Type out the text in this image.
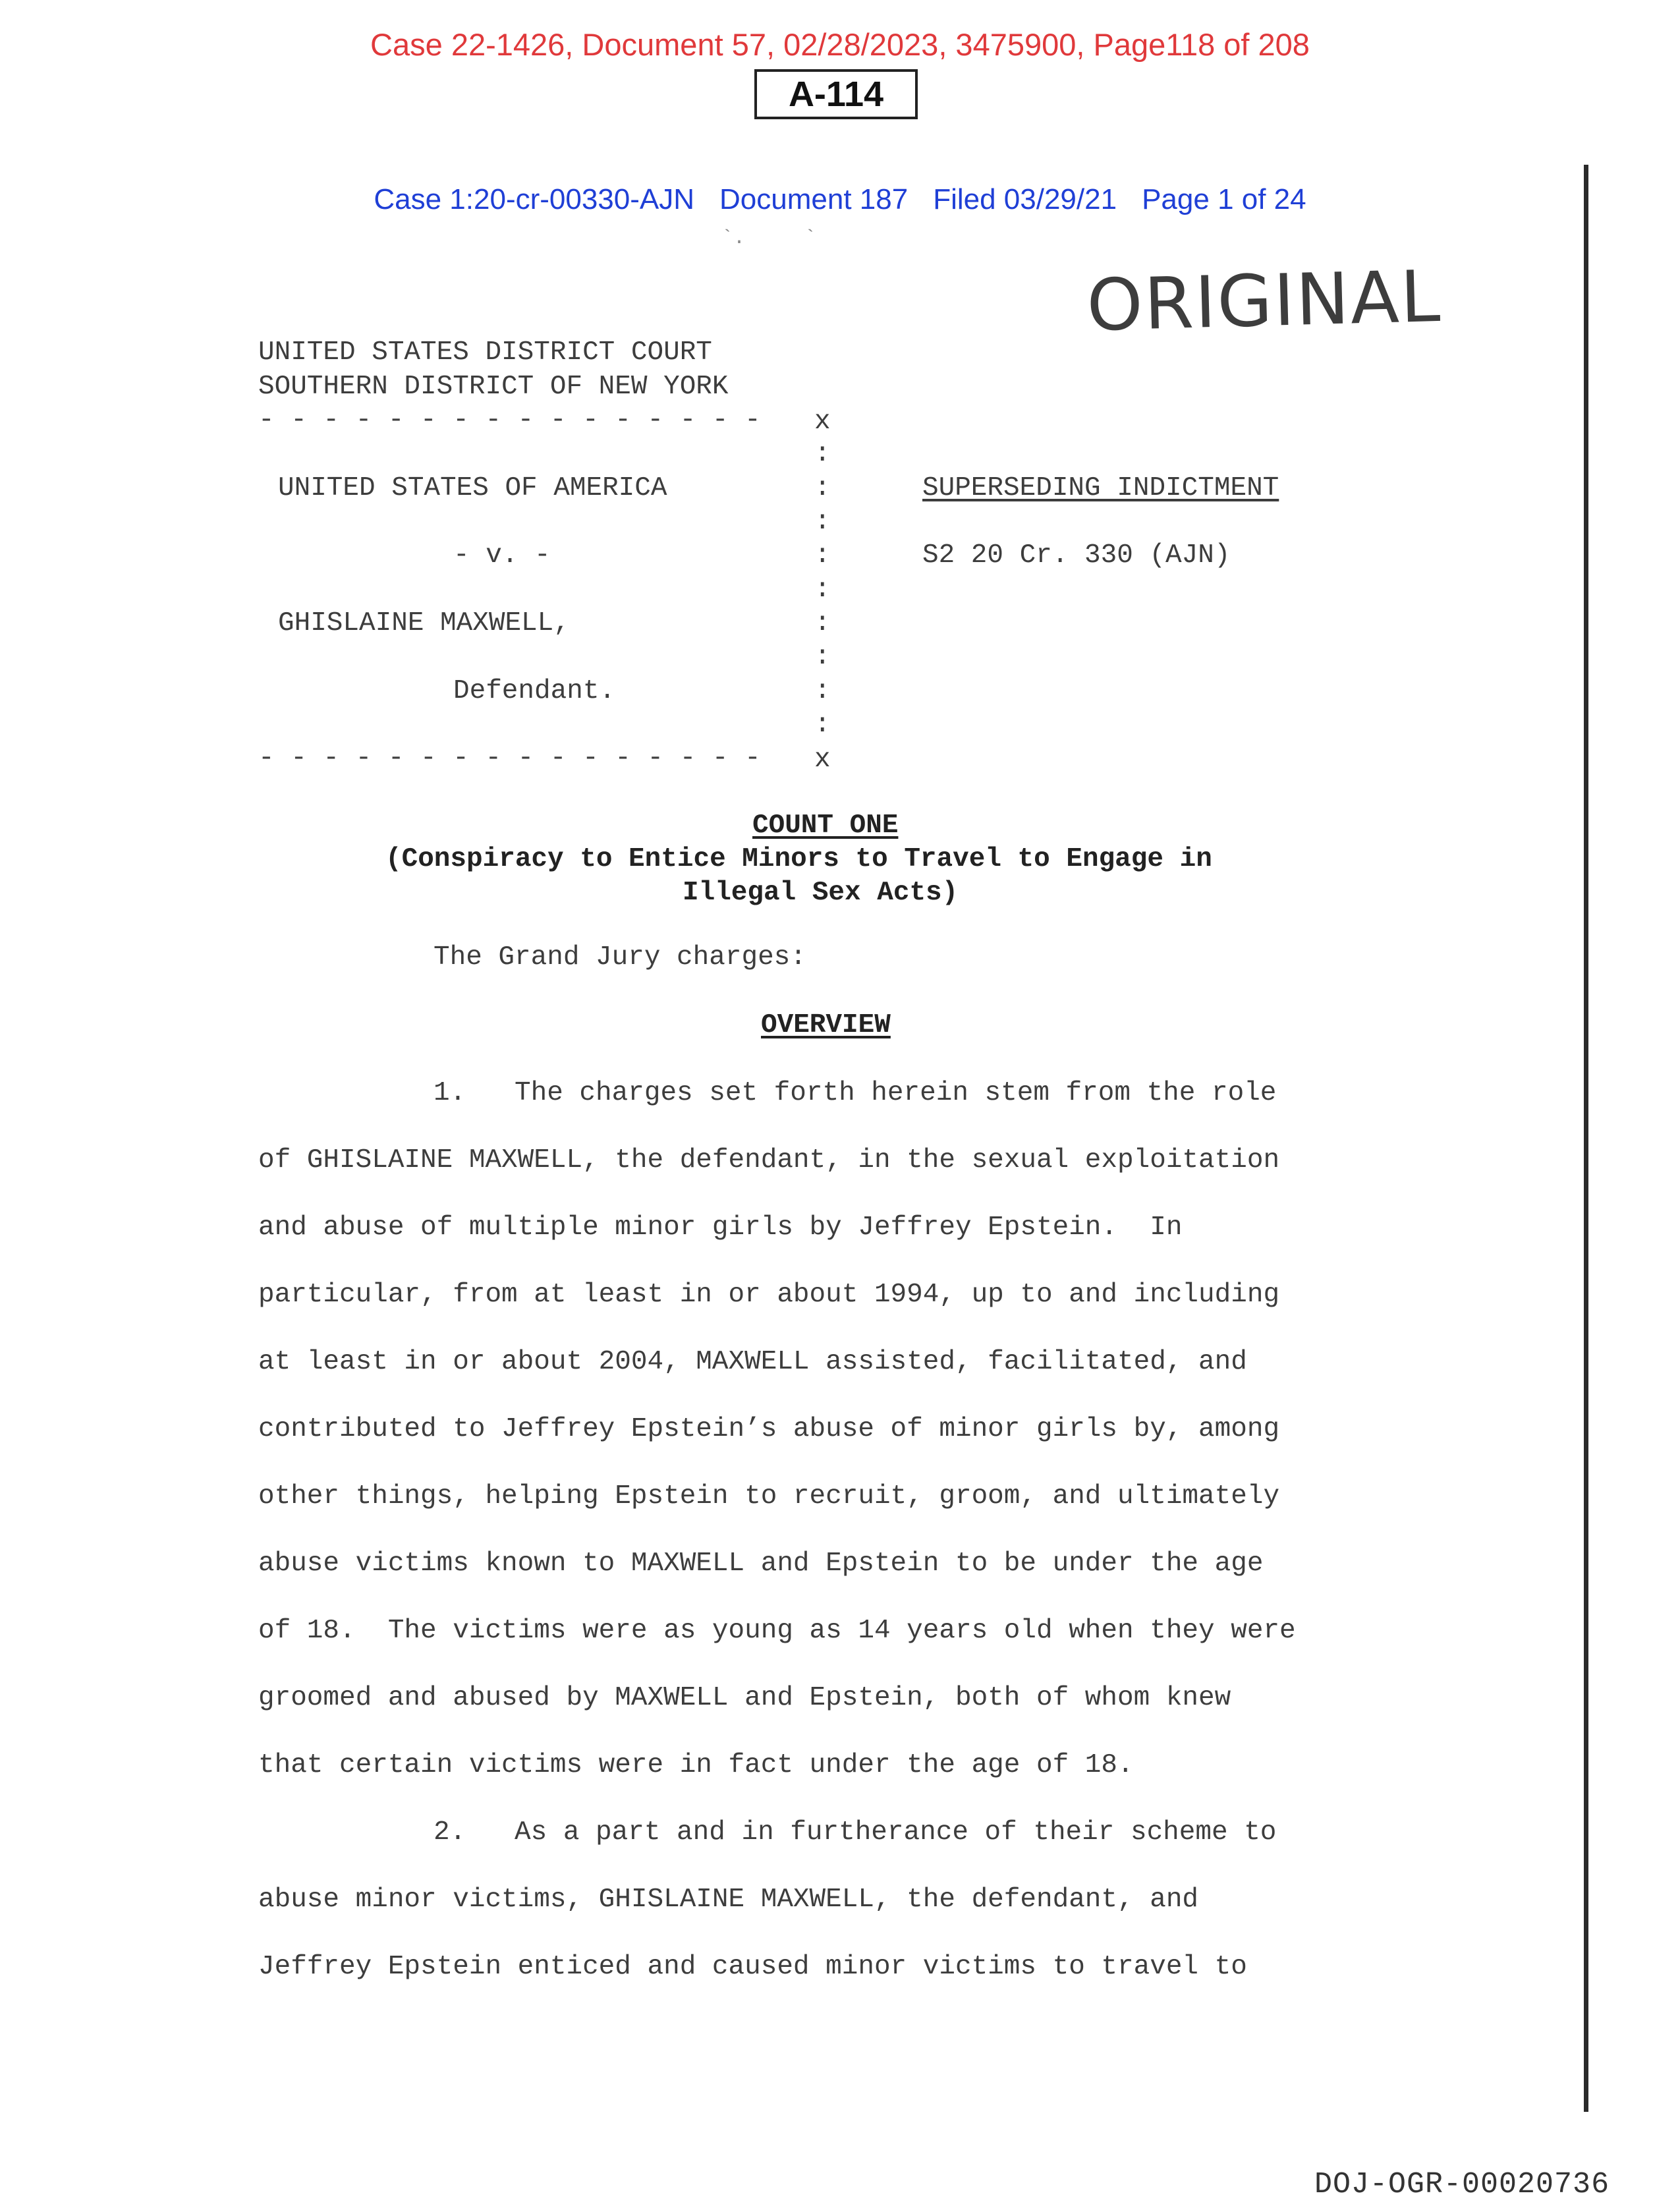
Case 22-1426, Document 57, 02/28/2023, 3475900, Page118 of 208
A-114
Case 1:20-cr-00330-AJN Document 187 Filed 03/29/21 Page 1 of 24
`.     `
ORIGINAL
UNITED STATES DISTRICT COURT
SOUTHERN DISTRICT OF NEW YORK
- - - - - - - - - - - - - - - - x
:
:
:
:
:
:
:
:
:
UNITED STATES OF AMERICA
- v. -
GHISLAINE MAXWELL,
Defendant.
SUPERSEDING INDICTMENT
S2 20 Cr. 330 (AJN)
- - - - - - - - - - - - - - - - x
COUNT ONE
(Conspiracy to Entice Minors to Travel to Engage in
Illegal Sex Acts)
The Grand Jury charges:
OVERVIEW
1.   The charges set forth herein stem from the role
of GHISLAINE MAXWELL, the defendant, in the sexual exploitation
and abuse of multiple minor girls by Jeffrey Epstein.  In
particular, from at least in or about 1994, up to and including
at least in or about 2004, MAXWELL assisted, facilitated, and
contributed to Jeffrey Epstein’s abuse of minor girls by, among
other things, helping Epstein to recruit, groom, and ultimately
abuse victims known to MAXWELL and Epstein to be under the age
of 18.  The victims were as young as 14 years old when they were
groomed and abused by MAXWELL and Epstein, both of whom knew
that certain victims were in fact under the age of 18.
2.   As a part and in furtherance of their scheme to
abuse minor victims, GHISLAINE MAXWELL, the defendant, and
Jeffrey Epstein enticed and caused minor victims to travel to
DOJ-OGR-00020736
